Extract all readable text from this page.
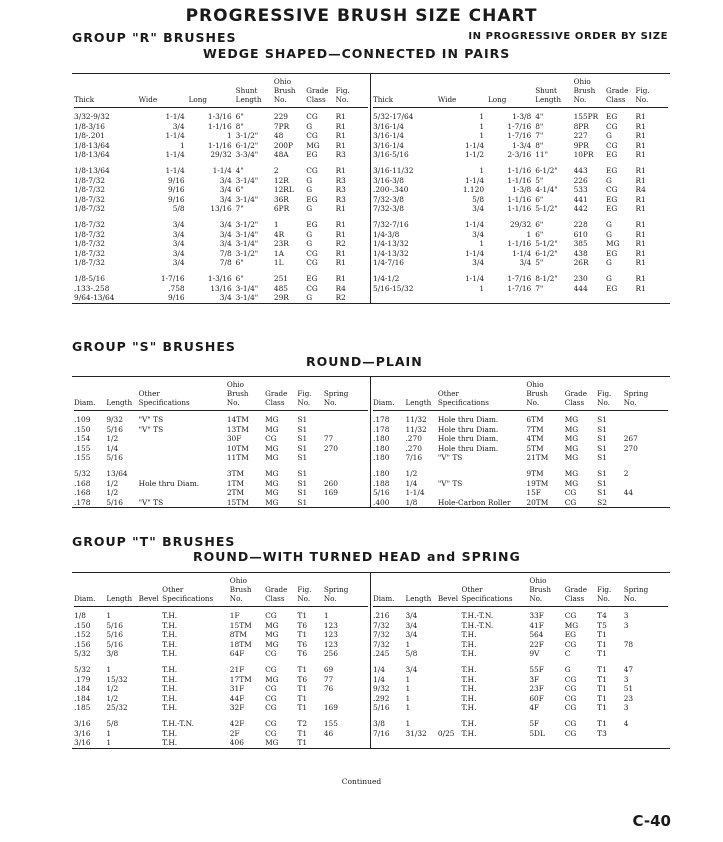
PROGRESSIVE BRUSH SIZE CHART
GROUP "R" BRUSHES	IN PROGRESSIVE ORDER BY SIZE
WEDGE SHAPED—CONNECTED IN PAIRS
Thick	Wide	Long	Shunt
Length	Ohio
Brush
No.	Grade
Class	Fig.
No.

3/32-9/32	1-1/4	1-3/16	6"	229	CG	R1
1/8-3/16	3/4	1-1/16	8"	7PR	G	R1
1/8-.201	1-1/4	1	3-1/2"	48	CG	R1
1/8-13/64	1	1-1/16	6-1/2"	200P	MG	R1
1/8-13/64	1-1/4	29/32	3-3/4"	48A	EG	R3

1/8-13/64	1-1/4	1-1/4	4"	2	CG	R1
1/8-7/32	9/16	3/4	3-1/4"	12R	G	R3
1/8-7/32	9/16	3/4	6"	12RL	G	R3
1/8-7/32	9/16	3/4	3-1/4"	36R	EG	R3
1/8-7/32	5/8	13/16	7"	6PR	G	R1

1/8-7/32	3/4	3/4	3-1/2"	1	EG	R1
1/8-7/32	3/4	3/4	3-1/4"	4R	G	R1
1/8-7/32	3/4	3/4	3-1/4"	23R	G	R2
1/8-7/32	3/4	7/8	3-1/2"	1A	CG	R1
1/8-7/32	3/4	7/8	6"	1L	CG	R1

1/8-5/16	1-7/16	1-3/16	6"	251	EG	R1
.133-.258	.758	13/16	3-1/4"	485	CG	R4
9/64-13/64	9/16	3/4	3-1/4"	29R	G	R2
Thick	Wide	Long	Shunt
Length	Ohio
Brush
No.	Grade
Class	Fig.
No.

5/32-17/64	1	1-3/8	4"	155PR	EG	R1
3/16-1/4	1	1-7/16	8"	8PR	CG	R1
3/16-1/4	1	1-7/16	7"	227	G	R1
3/16-1/4	1-1/4	1-3/4	8"	9PR	CG	R1
3/16-5/16	1-1/2	2-3/16	11"	10PR	EG	R1

3/16-11/32	1	1-1/16	6-1/2"	443	EG	R1
3/16-3/8	1-1/4	1-1/16	5"	226	G	R1
.200-.340	1.120	1-3/8	4-1/4"	533	CG	R4
7/32-3/8	5/8	1-1/16	6"	441	EG	R1
7/32-3/8	3/4	1-1/16	5-1/2"	442	EG	R1

7/32-7/16	1-1/4	29/32	6"	228	G	R1
1/4-3/8	3/4	1	6"	610	G	R1
1/4-13/32	1	1-1/16	5-1/2"	385	MG	R1
1/4-13/32	1-1/4	1-1/4	6-1/2"	438	EG	R1
1/4-7/16	3/4	3/4	5"	26R	G	R1

1/4-1/2	1-1/4	1-7/16	8-1/2"	230	G	R1
5/16-15/32	1	1-7/16	7"	444	EG	R1
GROUP "S" BRUSHES
ROUND—PLAIN
Diam.	Length	Other
Specifications	Ohio
Brush
No.	Grade
Class	Fig.
No.	Spring
No.

.109	9/32	"V" TS	14TM	MG	S1	
.150	5/16	"V" TS	13TM	MG	S1	
.154	1/2		30F	CG	S1	77
.155	1/4		10TM	MG	S1	270
.155	5/16		11TM	MG	S1	

5/32	13/64		3TM	MG	S1	
.168	1/2	Hole thru Diam.	1TM	MG	S1	260
.168	1/2		2TM	MG	S1	169
.178	5/16	"V" TS	15TM	MG	S1	
Diam.	Length	Other
Specifications	Ohio
Brush
No.	Grade
Class	Fig.
No.	Spring
No.

.178	11/32	Hole thru Diam.	6TM	MG	S1	
.178	11/32	Hole thru Diam.	7TM	MG	S1	
.180	.270	Hole thru Diam.	4TM	MG	S1	267
.180	.270	Hole thru Diam.	5TM	MG	S1	270
.180	7/16	"V" TS	21TM	MG	S1	

.180	1/2		9TM	MG	S1	2
.188	1/4	"V" TS	19TM	MG	S1	
5/16	1-1/4		15F	CG	S1	44
.400	1/8	Hole-Carbon Roller	20TM	CG	S2	
GROUP "T" BRUSHES
ROUND—WITH TURNED HEAD and SPRING
Diam.	Length	Bevel	Other
Specifications	Ohio
Brush
No.	Grade
Class	Fig.
No.	Spring
No.

1/8	1		T.H.	1F	CG	T1	1
.150	5/16		T.H.	15TM	MG	T6	123
.152	5/16		T.H.	8TM	MG	T1	123
.156	5/16		T.H.	18TM	MG	T6	123
5/32	3/8		T.H.	64F	CG	T6	256

5/32	1		T.H.	21F	CG	T1	69
.179	15/32		T.H.	17TM	MG	T6	77
.184	1/2		T.H.	31F	CG	T1	76
.184	1/2		T.H.	44F	CG	T1	
.185	25/32		T.H.	32F	CG	T1	169

3/16	5/8		T.H.-T.N.	42F	CG	T2	155
3/16	1		T.H.	2F	CG	T1	46
3/16	1		T.H.	406	MG	T1	
Diam.	Length	Bevel	Other
Specifications	Ohio
Brush
No.	Grade
Class	Fig.
No.	Spring
No.

.216	3/4		T.H.-T.N.	33F	CG	T4	3
7/32	3/4		T.H.-T.N.	41F	MG	T5	3
7/32	3/4		T.H.	564	EG	T1	
7/32	1		T.H.	22F	CG	T1	78
.245	5/8		T.H.	9V	C	T1	

1/4	3/4		T.H.	55F	G	T1	47
1/4	1		T.H.	3F	CG	T1	3
9/32	1		T.H.	23F	CG	T1	51
.292	1		T.H.	60F	CG	T1	23
5/16	1		T.H.	4F	CG	T1	3

3/8	1		T.H.	5F	CG	T1	4
7/16	31/32	0/25	T.H.	5DL	CG	T3	
Continued
C-40
